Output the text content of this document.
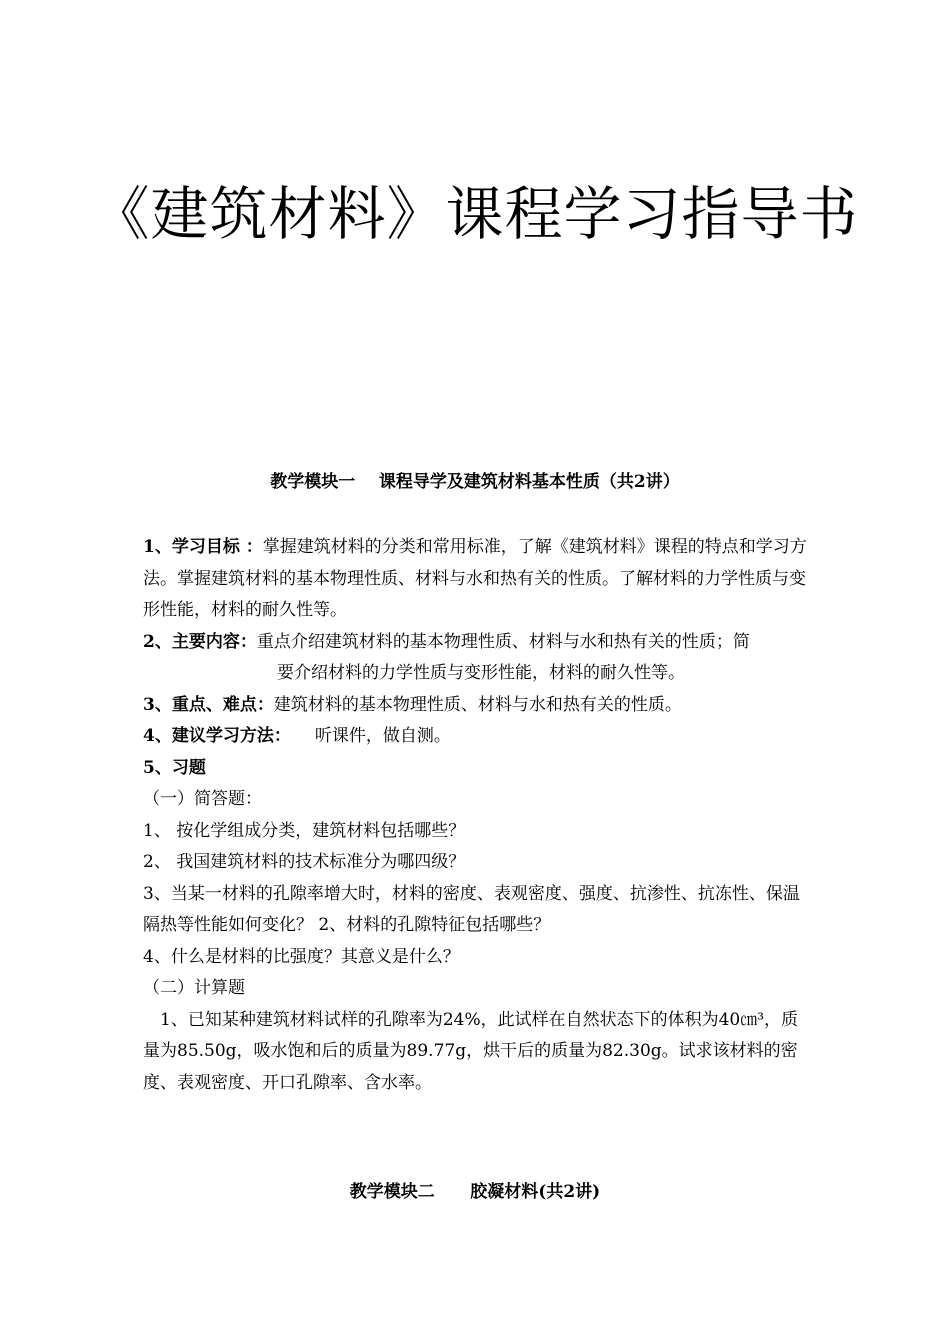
《建筑材料》课程学习指导书
教学模块一    课程导学及建筑材料基本性质（共2讲）

1、学习目标 ：掌握建筑材料的分类和常用标准，了解《建筑材料》课程的特点和学习方法。掌握建筑材料的基本物理性质、材料与水和热有关的性质。了解材料的力学性质与变形性能，材料的耐久性等。

2、主要内容：重点介绍建筑材料的基本物理性质、材料与水和热有关的性质；简

要介绍材料的力学性质与变形性能，材料的耐久性等。

3、重点、难点：建筑材料的基本物理性质、材料与水和热有关的性质。

4、建议学习方法： 听课件，做自测。

5、习题

（一）简答题：

1、 按化学组成分类，建筑材料包括哪些？

2、 我国建筑材料的技术标准分为哪四级？

3、当某一材料的孔隙率增大时，材料的密度、表观密度、强度、抗渗性、抗冻性、保温隔热等性能如何变化？ 2、材料的孔隙特征包括哪些？

4、什么是材料的比强度？其意义是什么？

（二）计算题

1、已知某种建筑材料试样的孔隙率为24%，此试样在自然状态下的体积为40㎝³，质量为85.50g，吸水饱和后的质量为89.77g，烘干后的质量为82.30g。试求该材料的密度、表观密度、开口孔隙率、含水率。

教学模块二      胶凝材料(共2讲)
